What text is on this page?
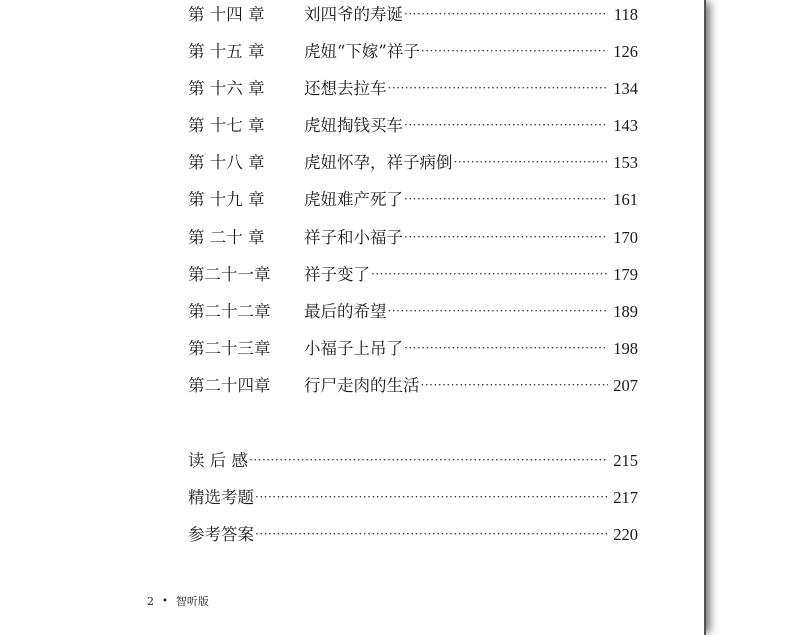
第 十四 章	刘四爷的寿诞 ·····	118
第 十五 章	虎妞“下嫁”祥子 ·····	126
第 十六 章	还想去拉车 ·····	134
第 十七 章	虎妞掏钱买车 ·····	143
第 十八 章	虎妞怀孕，祥子病倒 ·····	153
第 十九 章	虎妞难产死了 ·····	161
第 二十 章	祥子和小福子 ·····	170
第二十一章	祥子变了 ·····	179
第二十二章	最后的希望 ·····	189
第二十三章	小福子上吊了 ·····	198
第二十四章	行尸走肉的生活 ·····	207
读 后 感 ·····	215
精选考题 ·····	217
参考答案 ·····	220
2 • 智听版
